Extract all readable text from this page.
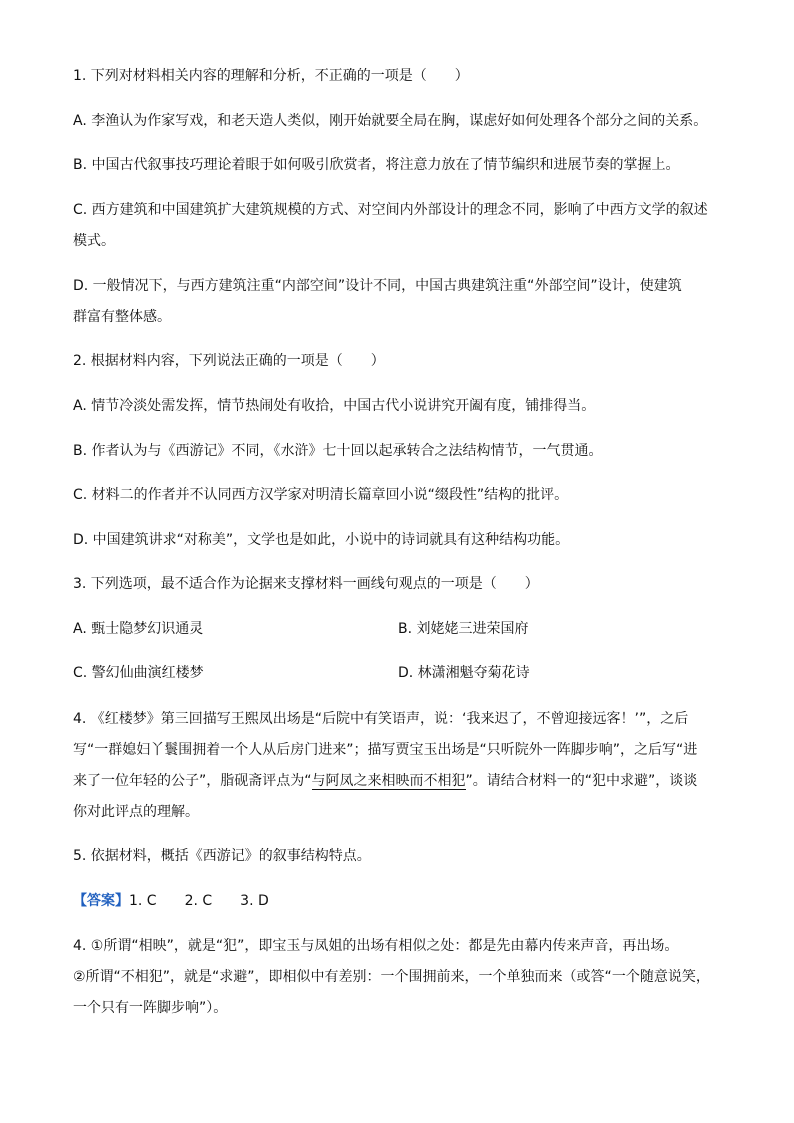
1. 下列对材料相关内容的理解和分析，不正确的一项是（　　）
A. 李渔认为作家写戏，和老天造人类似，刚开始就要全局在胸，谋虑好如何处理各个部分之间的关系。
B. 中国古代叙事技巧理论着眼于如何吸引欣赏者，将注意力放在了情节编织和进展节奏的掌握上。
C. 西方建筑和中国建筑扩大建筑规模的方式、对空间内外部设计的理念不同，影响了中西方文学的叙述
模式。
D. 一般情况下，与西方建筑注重“内部空间”设计不同，中国古典建筑注重“外部空间”设计，使建筑
群富有整体感。
2. 根据材料内容，下列说法正确的一项是（　　）
A. 情节冷淡处需发挥，情节热闹处有收拾，中国古代小说讲究开阖有度，铺排得当。
B. 作者认为与《西游记》不同，《水浒》七十回以起承转合之法结构情节，一气贯通。
C. 材料二的作者并不认同西方汉学家对明清长篇章回小说“缀段性”结构的批评。
D. 中国建筑讲求“对称美”，文学也是如此，小说中的诗词就具有这种结构功能。
3. 下列选项，最不适合作为论据来支撑材料一画线句观点的一项是（　　）
A. 甄士隐梦幻识通灵	B. 刘姥姥三进荣国府
C. 警幻仙曲演红楼梦	D. 林潇湘魁夺菊花诗
4. 《红楼梦》第三回描写王熙凤出场是“后院中有笑语声，说：‘我来迟了，不曾迎接远客！’”，之后
写“一群媳妇丫鬟围拥着一个人从后房门进来”；描写贾宝玉出场是“只听院外一阵脚步响”，之后写“进
来了一位年轻的公子”，脂砚斋评点为“与阿凤之来相映而不相犯”。请结合材料一的“犯中求避”，谈谈
你对此评点的理解。
5. 依据材料，概括《西游记》的叙事结构特点。
【答案】1. C　　2. C　　3. D
4. ①所谓“相映”，就是“犯”，即宝玉与凤姐的出场有相似之处：都是先由幕内传来声音，再出场。
②所谓“不相犯”，就是“求避”，即相似中有差别：一个围拥前来，一个单独而来（或答“一个随意说笑，
一个只有一阵脚步响”）。
